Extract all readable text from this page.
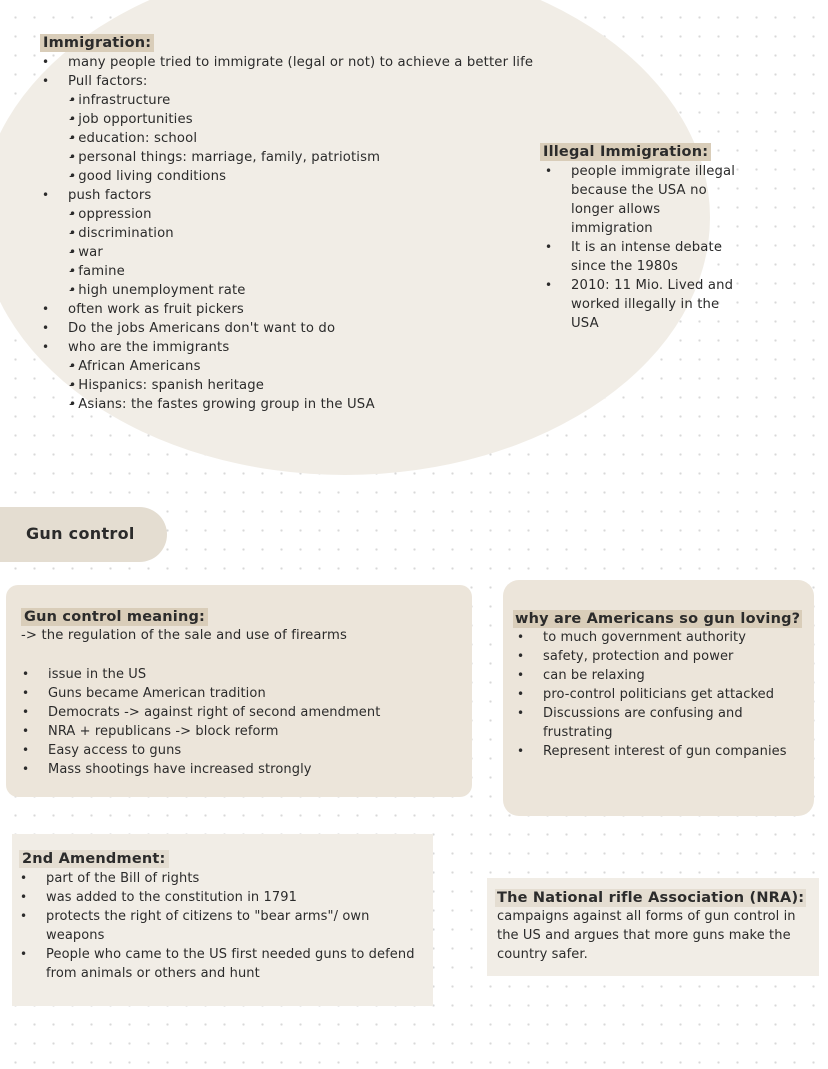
Immigration:
• many people tried to immigrate (legal or not) to achieve a better life
• Pull factors:
• - infrastructure
• - job opportunities
• - education: school
• - personal things: marriage, family, patriotism
• - good living conditions
• push factors
• - oppression
• - discrimination
• - war
• - famine
• - high unemployment rate
• often work as fruit pickers
• Do the jobs Americans don't want to do
• who are the immigrants
• - African Americans
• - Hispanics: spanish heritage
• - Asians: the fastes growing group in the USA
Illegal Immigration:
• people immigrate illegal because the USA no longer allows immigration
• It is an intense debate since the 1980s
• 2010: 11 Mio. Lived and worked illegally in the USA
Gun control
Gun control meaning:
-> the regulation of the sale and use of firearms
• issue in the US
• Guns became American tradition
• Democrats -> against right of second amendment
• NRA + republicans -> block reform
• Easy access to guns
• Mass shootings have increased strongly
why are Americans so gun loving?
• to much government authority
• safety, protection and power
• can be relaxing
• pro-control politicians get attacked
• Discussions are confusing and frustrating
• Represent interest of gun companies
2nd Amendment:
• part of the Bill of rights
• was added to the constitution in 1791
• protects the right of citizens to "bear arms"/ own weapons
• People who came to the US first needed guns to defend from animals or others and hunt
The National rifle Association (NRA):
campaigns against all forms of gun control in the US and argues that more guns make the country safer.
